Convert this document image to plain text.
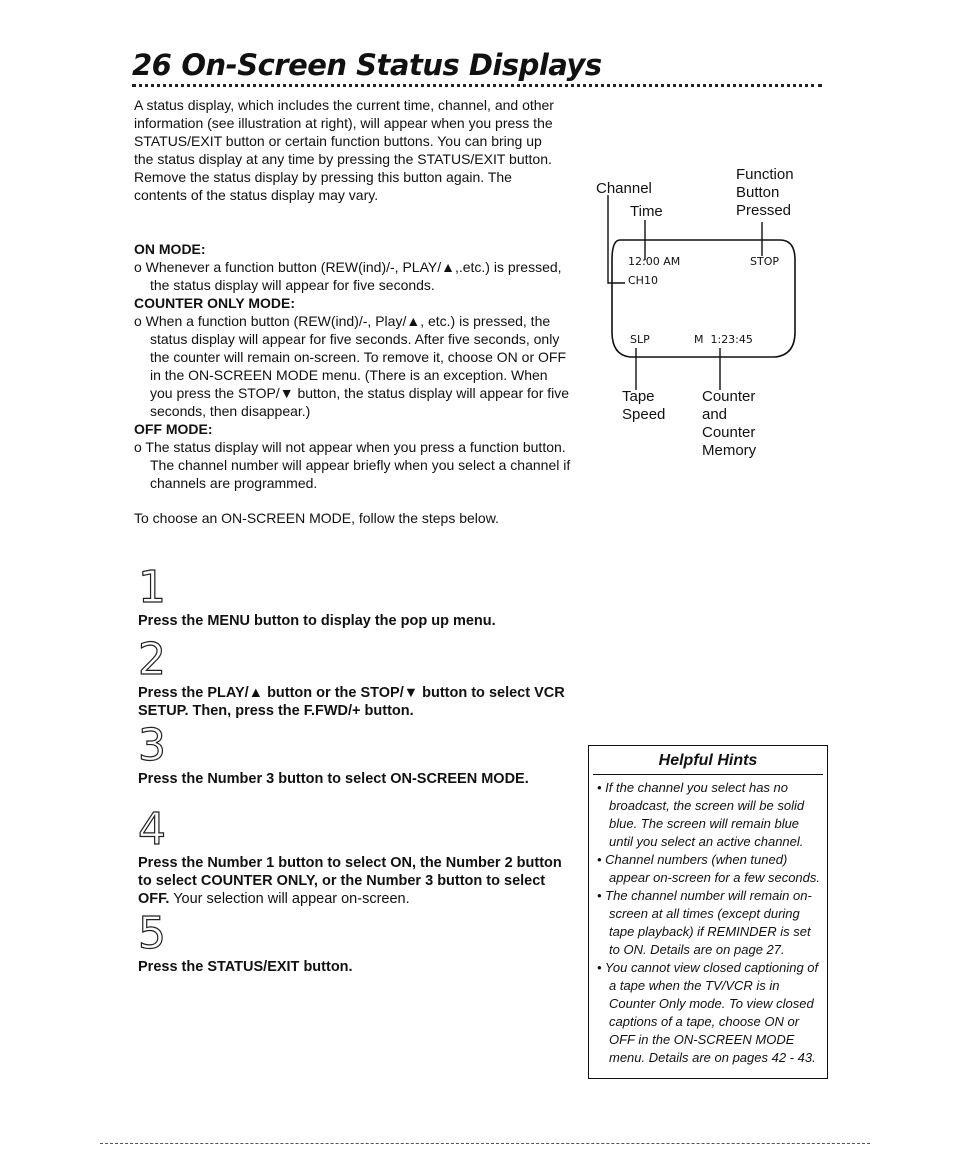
26 On-Screen Status Displays
A status display, which includes the current time, channel, and other information (see illustration at right), will appear when you press the STATUS/EXIT button or certain function buttons. You can bring up the status display at any time by pressing the STATUS/EXIT button. Remove the status display by pressing this button again. The contents of the status display may vary.
ON MODE:

o Whenever a function button (REW(ind)/-, PLAY/▲,.etc.) is pressed, the status display will appear for five seconds.

COUNTER ONLY MODE:

o When a function button (REW(ind)/-, Play/▲, etc.) is pressed, the status display will appear for five seconds. After five seconds, only the counter will remain on-screen. To remove it, choose ON or OFF in the ON-SCREEN MODE menu. (There is an exception. When you press the STOP/▼ button, the status display will appear for five seconds, then disappear.)

OFF MODE:

o The status display will not appear when you press a function button. The channel number will appear briefly when you select a channel if channels are programmed.

To choose an ON-SCREEN MODE, follow the steps below.
1
Press the MENU button to display the pop up menu.
2
Press the PLAY/▲ button or the STOP/▼ button to select VCR SETUP. Then, press the F.FWD/+ button.
3
Press the Number 3 button to select ON-SCREEN MODE.
4
Press the Number 1 button to select ON, the Number 2 button to select COUNTER ONLY, or the Number 3 button to select OFF. Your selection will appear on-screen.
5
Press the STATUS/EXIT button.
Channel
Time
Function
Button
Pressed
12:00 AM	STOP
CH10
SLP	M  1:23:45
Tape
Speed
Counter
and
Counter
Memory
Helpful Hints

• If the channel you select has no broadcast, the screen will be solid blue. The screen will remain blue until you select an active channel.

• Channel numbers (when tuned) appear on-screen for a few seconds.

• The channel number will remain on-screen at all times (except during tape playback) if REMINDER is set to ON. Details are on page 27.

• You cannot view closed captioning of a tape when the TV/VCR is in Counter Only mode. To view closed captions of a tape, choose ON or OFF in the ON-SCREEN MODE menu. Details are on pages 42 - 43.
